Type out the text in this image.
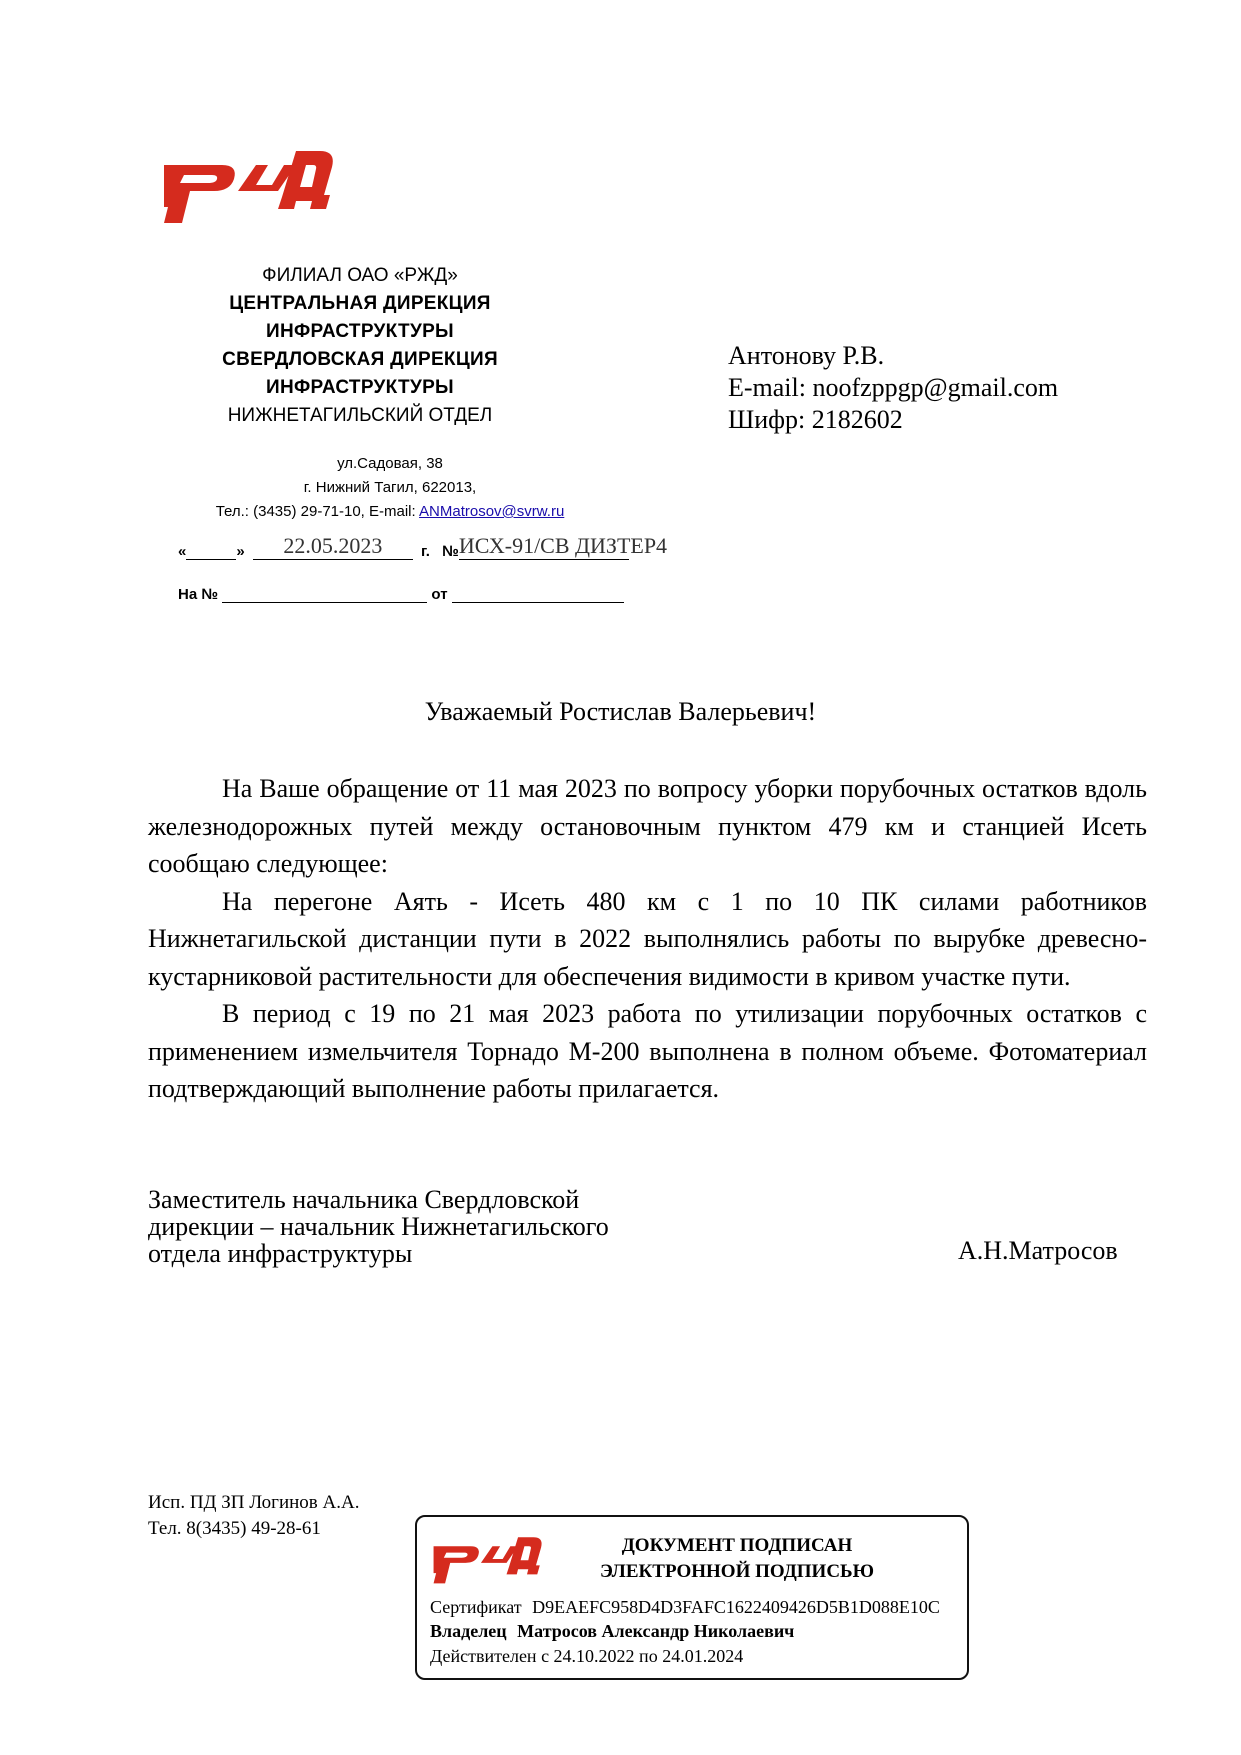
ФИЛИАЛ ОАО «РЖД»
ЦЕНТРАЛЬНАЯ ДИРЕКЦИЯ
ИНФРАСТРУКТУРЫ
СВЕРДЛОВСКАЯ ДИРЕКЦИЯ
ИНФРАСТРУКТУРЫ
НИЖНЕТАГИЛЬСКИЙ ОТДЕЛ
ул.Садовая, 38
г. Нижний Тагил, 622013,
Тел.: (3435) 29-71-10, E-mail: ANMatrosov@svrw.ru
«	» 22.05.2023	г. №ИСХ-91/СВ ДИЗТЕР4
На №	от
Антонову Р.В.
E-mail: noofzppgp@gmail.com
Шифр: 2182602
Уважаемый Ростислав Валерьевич!

На Ваше обращение от 11 мая 2023 по вопросу уборки порубочных остатков вдоль железнодорожных путей между остановочным пунктом 479 км и станцией Исеть сообщаю следующее:

На перегоне Аять - Исеть 480 км с 1 по 10 ПК силами работников Нижнетагильской дистанции пути в 2022 выполнялись работы по вырубке древесно-кустарниковой растительности для обеспечения видимости в кривом участке пути.

В период с 19 по 21 мая 2023 работа по утилизации порубочных остатков с применением измельчителя Торнадо М-200 выполнена в полном объеме. Фотоматериал подтверждающий выполнение работы прилагается.

Заместитель начальника Свердловской
дирекции – начальник Нижнетагильского
отдела инфраструктуры	А.Н.Матросов
Исп. ПД ЗП Логинов А.А.
Тел. 8(3435) 49-28-61
ДОКУМЕНТ ПОДПИСАН
ЭЛЕКТРОННОЙ ПОДПИСЬЮ
Сертификат D9EAEFC958D4D3FAFC1622409426D5B1D088E10C
Владелец Матросов Александр Николаевич
Действителен с 24.10.2022 по 24.01.2024
